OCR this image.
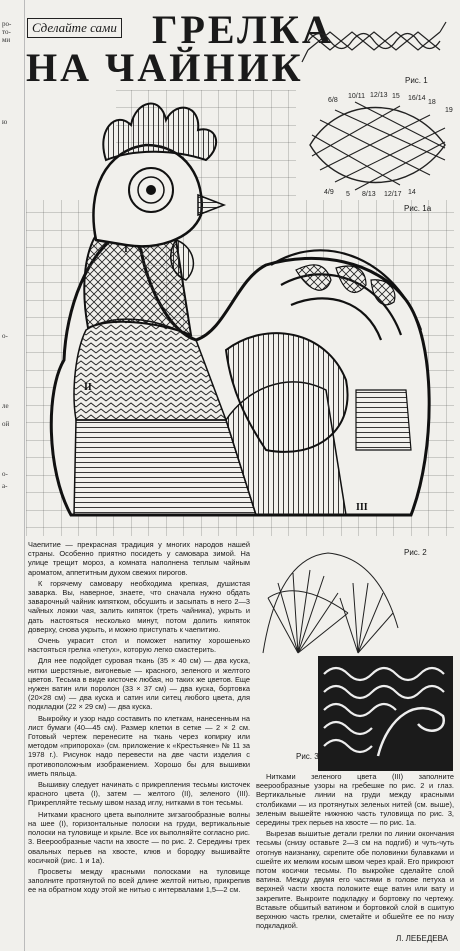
ро-
то-
ми
ю
о-
ле
ой
о-
а-
Сделайте сами ГРЕЛКА
НА ЧАЙНИК	Рис. 1
6/8
10/11 12/13 15 16/14
18
19
4/9 5 8/13 12/17 14
I
II
III
Рис. 2
Рис. 3

Чаепитие — прекрасная традиция у многих народов нашей страны. Особенно приятно посидеть у самовара зимой. На улице трещит мороз, а комната наполнена теплым чайным ароматом, аппетитным духом свежих пирогов.

К горячему самовару необходима крепкая, душистая заварка. Вы, наверное, знаете, что сначала нужно обдать заварочный чайник кипятком, обсушить и засыпать в него 2—3 чайных ложки чая, залить кипяток (треть чайника), укрыть и дать настояться несколько минут, потом долить кипяток доверху, снова укрыть, и можно приступать к чаепитию.

Очень украсит стол и поможет напитку хорошенько настояться грелка «петух», которую легко смастерить.

Для нее подойдет суровая ткань (35 × 40 см) — два куска, нитки шерстяные, вигоневые — красного, зеленого и желтого цветов. Тесьма в виде кисточек любая, но таких же цветов. Еще нужен ватин или поролон (33 × 37 см) — два куска, бортовка (20×28 см) — два куска и сатин или ситец любого цвета, для подкладки (22 × 29 см) — два куска.

Выкройку и узор надо составить по клеткам, нанесенным на лист бумаги (40—45 см). Размер клетки в сетке — 2 × 2 см. Готовый чертеж перенесите на ткань через копирку или методом «припороха» (см. приложение к «Крестьянке» № 11 за 1978 г.). Рисунок надо перевести на две части изделия с противоположным изображением. Хорошо бы для вышивки иметь пяльца.

Вышивку следует начинать с прикрепления тесьмы кисточек красного цвета (I), затем — желтого (II), зеленого (III). Прикрепляйте тесьму швом назад иглу, нитками в тон тесьмы.

Нитками красного цвета выполните зигзагообразные волны на шее (I), горизонтальные полоски на груди, вертикальные полоски на туловище и крыле. Все их выполняйте согласно рис. 3. Веерообразные части на хвосте — по рис. 2. Середины трех овальных перьев на хвосте, клюв и бородку вышивайте косичкой (рис. 1 и 1а).

Просветы между красными полосками на туловище заполните протянутой по всей длине желтой нитью, прикрепив ее на обратном ходу этой же нитью с интервалами 1,5—2 см.

Нитками зеленого цвета (III) заполните веерообразные узоры на гребешке по рис. 2 и глаз. Вертикальные линии на груди между красными столбиками — из протянутых зеленых нитей (см. выше), зеленым вышейте нижнюю часть туловища по рис. 3, середины трех перьев на хвосте — по рис. 1а.

Вырезав вышитые детали грелки по линии окончания тесьмы (снизу оставьте 2—3 см на подгиб) и чуть-чуть отогнув наизнанку, скрепите обе половинки булавками и сшейте их мелким косым швом через край. Его прикроют потом косички тесьмы. По выкройке сделайте слой ватина. Между двумя его частями в голове петуха и верхней части хвоста положите еще ватин или вату и закрепите. Выкроите подкладку и бортовку по чертежу. Вставьте обшитый ватином и бортовкой слой в сшитую верхнюю часть грелки, сметайте и обшейте ее по низу подкладкой.

Л. ЛЕБЕДЕВА
